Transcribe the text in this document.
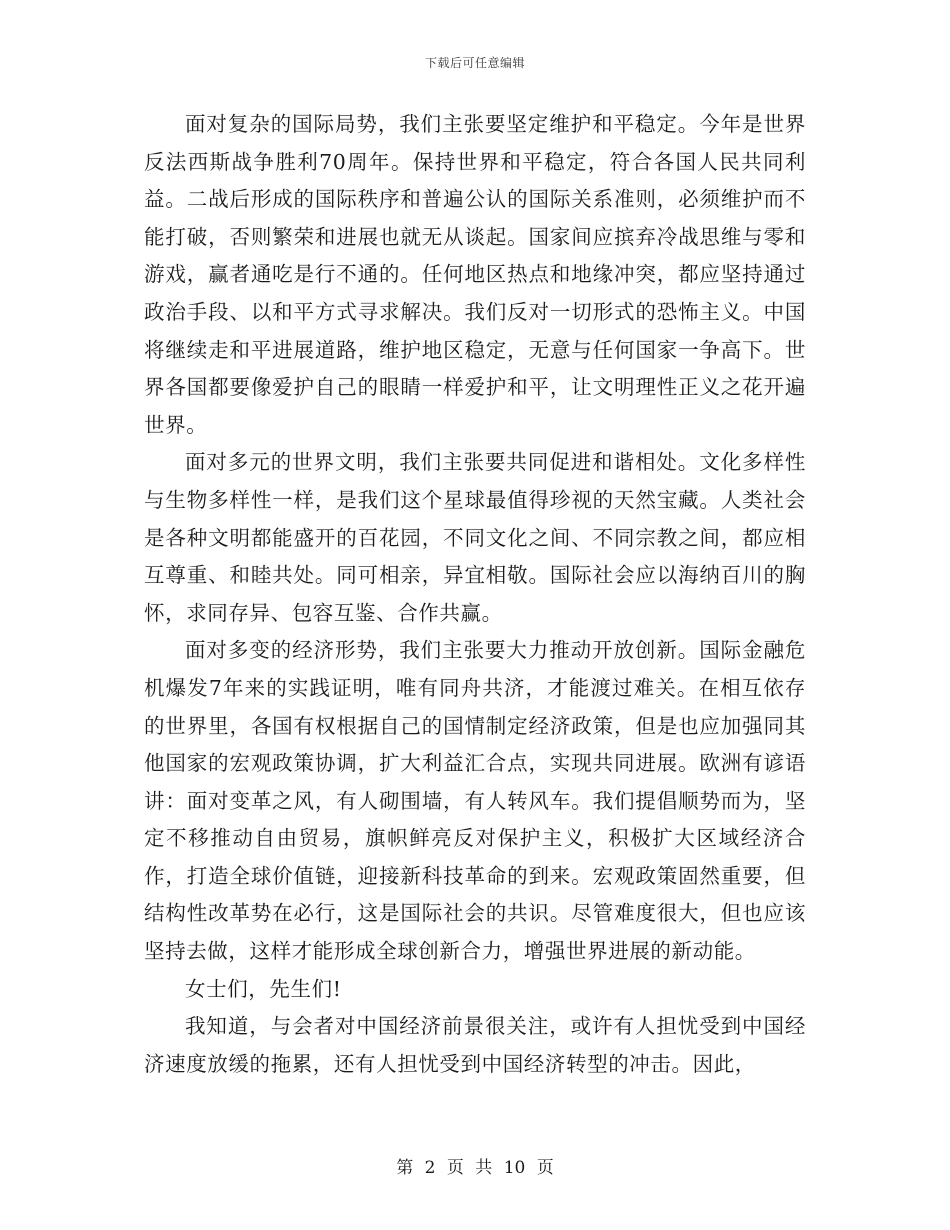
下载后可任意编辑

面对复杂的国际局势，我们主张要坚定维护和平稳定。今年是世界反法西斯战争胜利70周年。保持世界和平稳定，符合各国人民共同利益。二战后形成的国际秩序和普遍公认的国际关系准则，必须维护而不能打破，否则繁荣和进展也就无从谈起。国家间应摈弃冷战思维与零和游戏，赢者通吃是行不通的。任何地区热点和地缘冲突，都应坚持通过政治手段、以和平方式寻求解决。我们反对一切形式的恐怖主义。中国将继续走和平进展道路，维护地区稳定，无意与任何国家一争高下。世界各国都要像爱护自己的眼睛一样爱护和平，让文明理性正义之花开遍世界。

面对多元的世界文明，我们主张要共同促进和谐相处。文化多样性与生物多样性一样，是我们这个星球最值得珍视的天然宝藏。人类社会是各种文明都能盛开的百花园，不同文化之间、不同宗教之间，都应相互尊重、和睦共处。同可相亲，异宜相敬。国际社会应以海纳百川的胸怀，求同存异、包容互鉴、合作共赢。

面对多变的经济形势，我们主张要大力推动开放创新。国际金融危机爆发7年来的实践证明，唯有同舟共济，才能渡过难关。在相互依存的世界里，各国有权根据自己的国情制定经济政策，但是也应加强同其他国家的宏观政策协调，扩大利益汇合点，实现共同进展。欧洲有谚语讲：面对变革之风，有人砌围墙，有人转风车。我们提倡顺势而为，坚定不移推动自由贸易，旗帜鲜亮反对保护主义，积极扩大区域经济合作，打造全球价值链，迎接新科技革命的到来。宏观政策固然重要，但结构性改革势在必行，这是国际社会的共识。尽管难度很大，但也应该坚持去做，这样才能形成全球创新合力，增强世界进展的新动能。

女士们，先生们!

我知道，与会者对中国经济前景很关注，或许有人担忧受到中国经济速度放缓的拖累，还有人担忧受到中国经济转型的冲击。因此，

第 2 页 共 10 页
